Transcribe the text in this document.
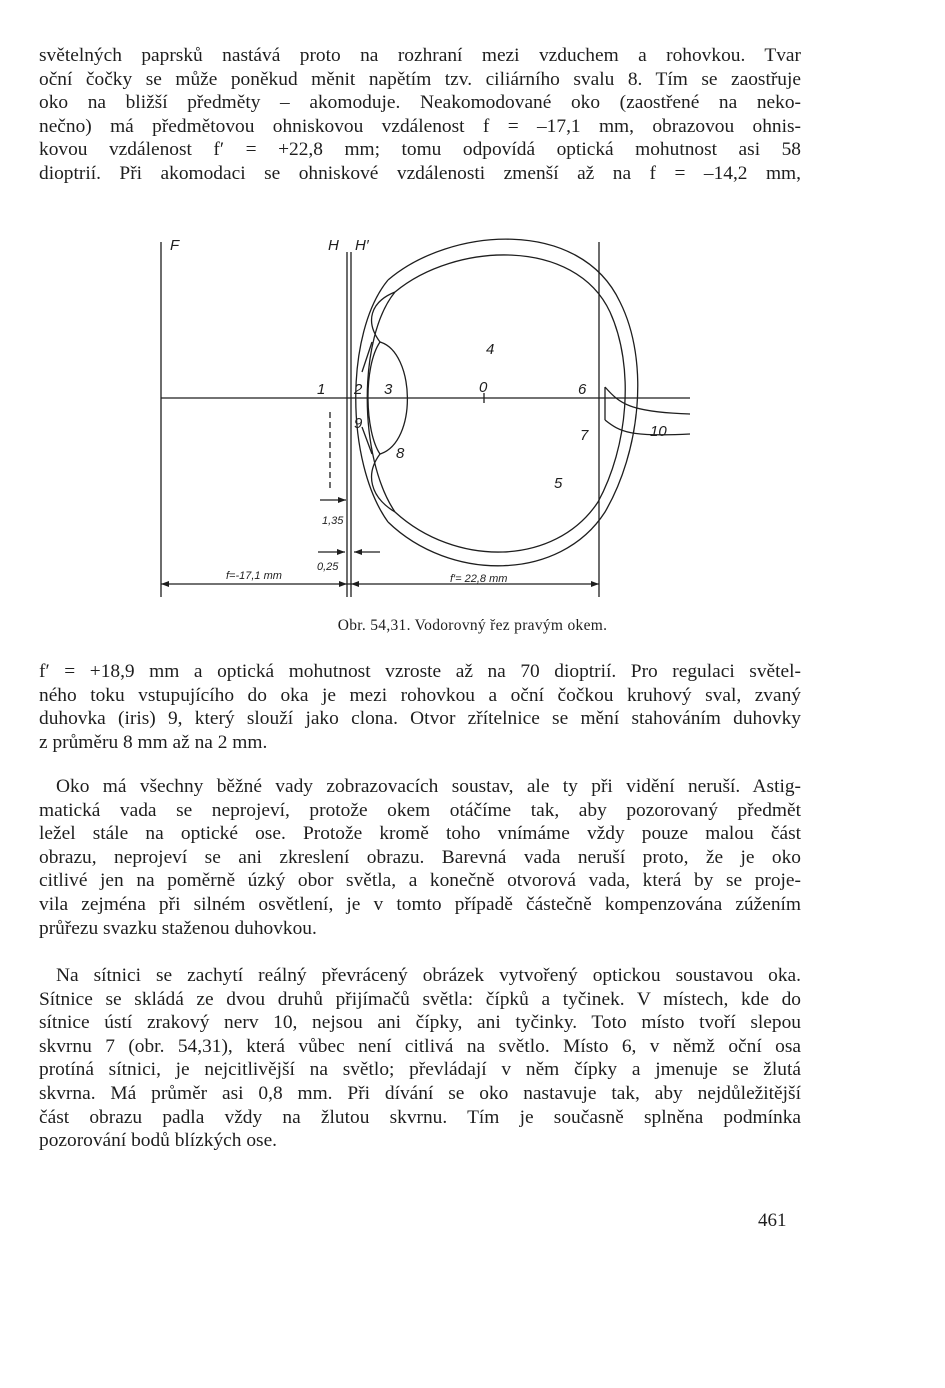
světelných paprsků nastává proto na rozhraní mezi vzduchem a rohovkou. Tvar
oční čočky se může poněkud měnit napětím tzv. ciliárního svalu 8. Tím se zaostřuje
oko na bližší předměty – akomoduje. Neakomodované oko (zaostřené na neko-
nečno) má předmětovou ohniskovou vzdálenost f = –17,1 mm, obrazovou ohnis-
kovou vzdálenost f′ = +22,8 mm; tomu odpovídá optická mohutnost asi 58
dioptrií. Při akomodaci se ohniskové vzdálenosti zmenší až na f = –14,2 mm,
F	H H′
1 2 3
4
0	6
7	10
5
9
8
1,35
0,25
f=-17,1 mm	f′= 22,8 mm
Obr. 54,31. Vodorovný řez pravým okem.
f′ = +18,9 mm a optická mohutnost vzroste až na 70 dioptrií. Pro regulaci světel-
ného toku vstupujícího do oka je mezi rohovkou a oční čočkou kruhový sval, zvaný
duhovka (iris) 9, který slouží jako clona. Otvor zřítelnice se mění stahováním duhovky
z průměru 8 mm až na 2 mm.
Oko má všechny běžné vady zobrazovacích soustav, ale ty při vidění neruší. Astig-
matická vada se neprojeví, protože okem otáčíme tak, aby pozorovaný předmět
ležel stále na optické ose. Protože kromě toho vnímáme vždy pouze malou část
obrazu, neprojeví se ani zkreslení obrazu. Barevná vada neruší proto, že je oko
citlivé jen na poměrně úzký obor světla, a konečně otvorová vada, která by se proje-
vila zejména při silném osvětlení, je v tomto případě částečně kompenzována zúžením
průřezu svazku staženou duhovkou.
Na sítnici se zachytí reálný převrácený obrázek vytvořený optickou soustavou oka.
Sítnice se skládá ze dvou druhů přijímačů světla: čípků a tyčinek. V místech, kde do
sítnice ústí zrakový nerv 10, nejsou ani čípky, ani tyčinky. Toto místo tvoří slepou
skvrnu 7 (obr. 54,31), která vůbec není citlivá na světlo. Místo 6, v němž oční osa
protíná sítnici, je nejcitlivější na světlo; převládají v něm čípky a jmenuje se žlutá
skvrna. Má průměr asi 0,8 mm. Při dívání se oko nastavuje tak, aby nejdůležitější
část obrazu padla vždy na žlutou skvrnu. Tím je současně splněna podmínka
pozorování bodů blízkých ose.
461
